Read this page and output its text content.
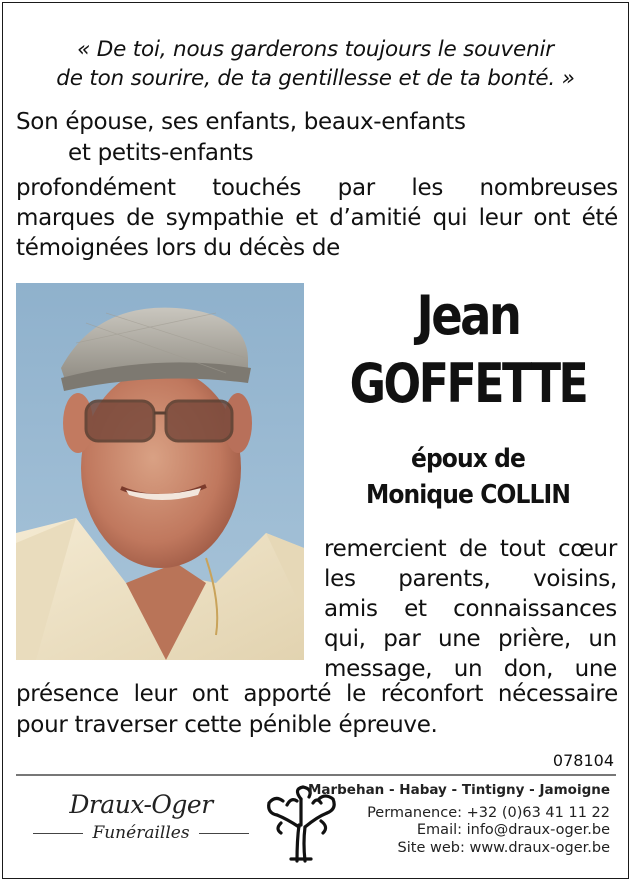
« De toi, nous garderons toujours le souvenir
de ton sourire, de ta gentillesse et de ta bonté. »
Son épouse, ses enfants, beaux-enfants
et petits-enfants
profondément touchés par les nombreuses
marques de sympathie et d’amitié qui leur ont été
témoignées lors du décès de
Jean
GOFFETTE
époux de
Monique COLLIN
remercient de tout cœur
les parents, voisins,
amis et connaissances
qui, par une prière, un
message, un don, une
présence leur ont apporté le réconfort nécessaire
pour traverser cette pénible épreuve.
078104
Draux-Oger
Funérailles
Marbehan - Habay - Tintigny - Jamoigne
Permanence: +32 (0)63 41 11 22
Email: info@draux-oger.be
Site web: www.draux-oger.be
